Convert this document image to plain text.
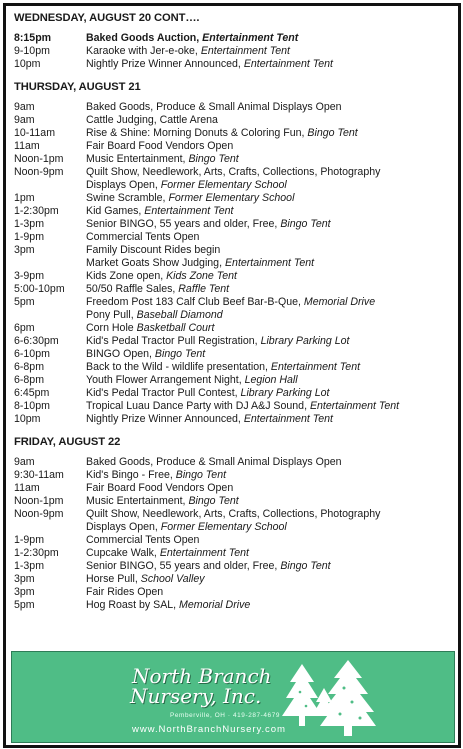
WEDNESDAY, AUGUST 20 CONT….
8:15pm	Baked Goods Auction, Entertainment Tent
9-10pm	Karaoke with Jer-e-oke, Entertainment Tent
10pm	Nightly Prize Winner Announced, Entertainment Tent
THURSDAY, AUGUST 21
9am	Baked Goods, Produce & Small Animal Displays Open
9am	Cattle Judging, Cattle Arena
10-11am	Rise & Shine: Morning Donuts & Coloring Fun, Bingo Tent
11am	Fair Board Food Vendors Open
Noon-1pm	Music Entertainment, Bingo Tent
Noon-9pm	Quilt Show, Needlework, Arts, Crafts, Collections, Photography
Displays Open, Former Elementary School
1pm	Swine Scramble, Former Elementary School
1-2:30pm	Kid Games, Entertainment Tent
1-3pm	Senior BINGO, 55 years and older, Free, Bingo Tent
1-9pm	Commercial Tents Open
3pm	Family Discount Rides begin
Market Goats Show Judging, Entertainment Tent
3-9pm	Kids Zone open, Kids Zone Tent
5:00-10pm	50/50 Raffle Sales, Raffle Tent
5pm	Freedom Post 183 Calf Club Beef Bar-B-Que, Memorial Drive
Pony Pull, Baseball Diamond
6pm	Corn Hole Basketball Court
6-6:30pm	Kid's Pedal Tractor Pull Registration, Library Parking Lot
6-10pm	BINGO Open, Bingo Tent
6-8pm	Back to the Wild - wildlife presentation, Entertainment Tent
6-8pm	Youth Flower Arrangement Night, Legion Hall
6:45pm	Kid's Pedal Tractor Pull Contest, Library Parking Lot
8-10pm	Tropical Luau Dance Party with DJ A&J Sound, Entertainment Tent
10pm	Nightly Prize Winner Announced, Entertainment Tent
FRIDAY, AUGUST 22
9am	Baked Goods, Produce & Small Animal Displays Open
9:30-11am	Kid's Bingo - Free, Bingo Tent
11am	Fair Board Food Vendors Open
Noon-1pm	Music Entertainment, Bingo Tent
Noon-9pm	Quilt Show, Needlework, Arts, Crafts, Collections, Photography
Displays Open, Former Elementary School
1-9pm	Commercial Tents Open
1-2:30pm	Cupcake Walk, Entertainment Tent
1-3pm	Senior BINGO, 55 years and older, Free, Bingo Tent
3pm	Horse Pull, School Valley
3pm	Fair Rides Open
5pm	Hog Roast by SAL, Memorial Drive
North Branch
Nursery, Inc.
Pemberville, OH · 419-287-4679
www.NorthBranchNursery.com
